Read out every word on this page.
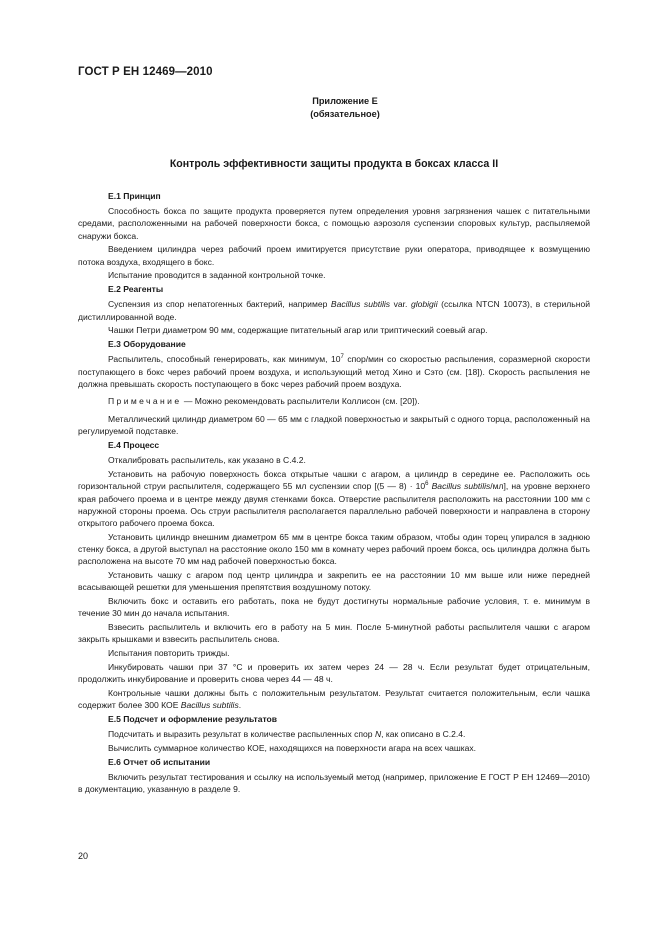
ГОСТ Р ЕН 12469—2010
Приложение Е
(обязательное)
Контроль эффективности защиты продукта в боксах класса II
Е.1 Принцип
Способность бокса по защите продукта проверяется путем определения уровня загрязнения чашек с питательными средами, расположенными на рабочей поверхности бокса, с помощью аэрозоля суспензии споровых культур, распыляемой снаружи бокса.
Введением цилиндра через рабочий проем имитируется присутствие руки оператора, приводящее к возмущению потока воздуха, входящего в бокс.
Испытание проводится в заданной контрольной точке.
Е.2 Реагенты
Суспензия из спор непатогенных бактерий, например Bacillus subtilis var. globigii (ссылка NTCN 10073), в стерильной дистиллированной воде.
Чашки Петри диаметром 90 мм, содержащие питательный агар или триптический соевый агар.
Е.3 Оборудование
Распылитель, способный генерировать, как минимум, $10^7$ спор/мин со скоростью распыления, соразмерной скорости поступающего в бокс через рабочий проем воздуха, и использующий метод Хино и Сэто (см. [18]). Скорость распыления не должна превышать скорость поступающего в бокс через рабочий проем воздуха.
Примечание — Можно рекомендовать распылители Коллисон (см. [20]).
Металлический цилиндр диаметром 60 — 65 мм с гладкой поверхностью и закрытый с одного торца, расположенный на регулируемой подставке.
Е.4 Процесс
Откалибровать распылитель, как указано в С.4.2.
Установить на рабочую поверхность бокса открытые чашки с агаром, а цилиндр в середине ее. Расположить ось горизонтальной струи распылителя, содержащего 55 мл суспензии спор [(5 — $8) \cdot 10^6$ Bacillus subtilis/мл], на уровне верхнего края рабочего проема и в центре между двумя стенками бокса. Отверстие распылителя расположить на расстоянии 100 мм с наружной стороны проема. Ось струи распылителя располагается параллельно рабочей поверхности и направлена в сторону открытого рабочего проема бокса.
Установить цилиндр внешним диаметром 65 мм в центре бокса таким образом, чтобы один торец упирался в заднюю стенку бокса, а другой выступал на расстояние около 150 мм в комнату через рабочий проем бокса, ось цилиндра должна быть расположена на высоте 70 мм над рабочей поверхностью бокса.
Установить чашку с агаром под центр цилиндра и закрепить ее на расстоянии 10 мм выше или ниже передней всасывающей решетки для уменьшения препятствия воздушному потоку.
Включить бокс и оставить его работать, пока не будут достигнуты нормальные рабочие условия, т. е. минимум в течение 30 мин до начала испытания.
Взвесить распылитель и включить его в работу на 5 мин. После 5-минутной работы распылителя чашки с агаром закрыть крышками и взвесить распылитель снова.
Испытания повторить трижды.
Инкубировать чашки при 37 °С и проверить их затем через 24 — 28 ч. Если результат будет отрицательным, продолжить инкубирование и проверить снова через 44 — 48 ч.
Контрольные чашки должны быть с положительным результатом. Результат считается положительным, если чашка содержит более 300 КОЕ Bacillus subtilis.
Е.5 Подсчет и оформление результатов
Подсчитать и выразить результат в количестве распыленных спор N, как описано в С.2.4.
Вычислить суммарное количество КОЕ, находящихся на поверхности агара на всех чашках.
Е.6 Отчет об испытании
Включить результат тестирования и ссылку на используемый метод (например, приложение Е ГОСТ Р ЕН 12469—2010) в документацию, указанную в разделе 9.
20
